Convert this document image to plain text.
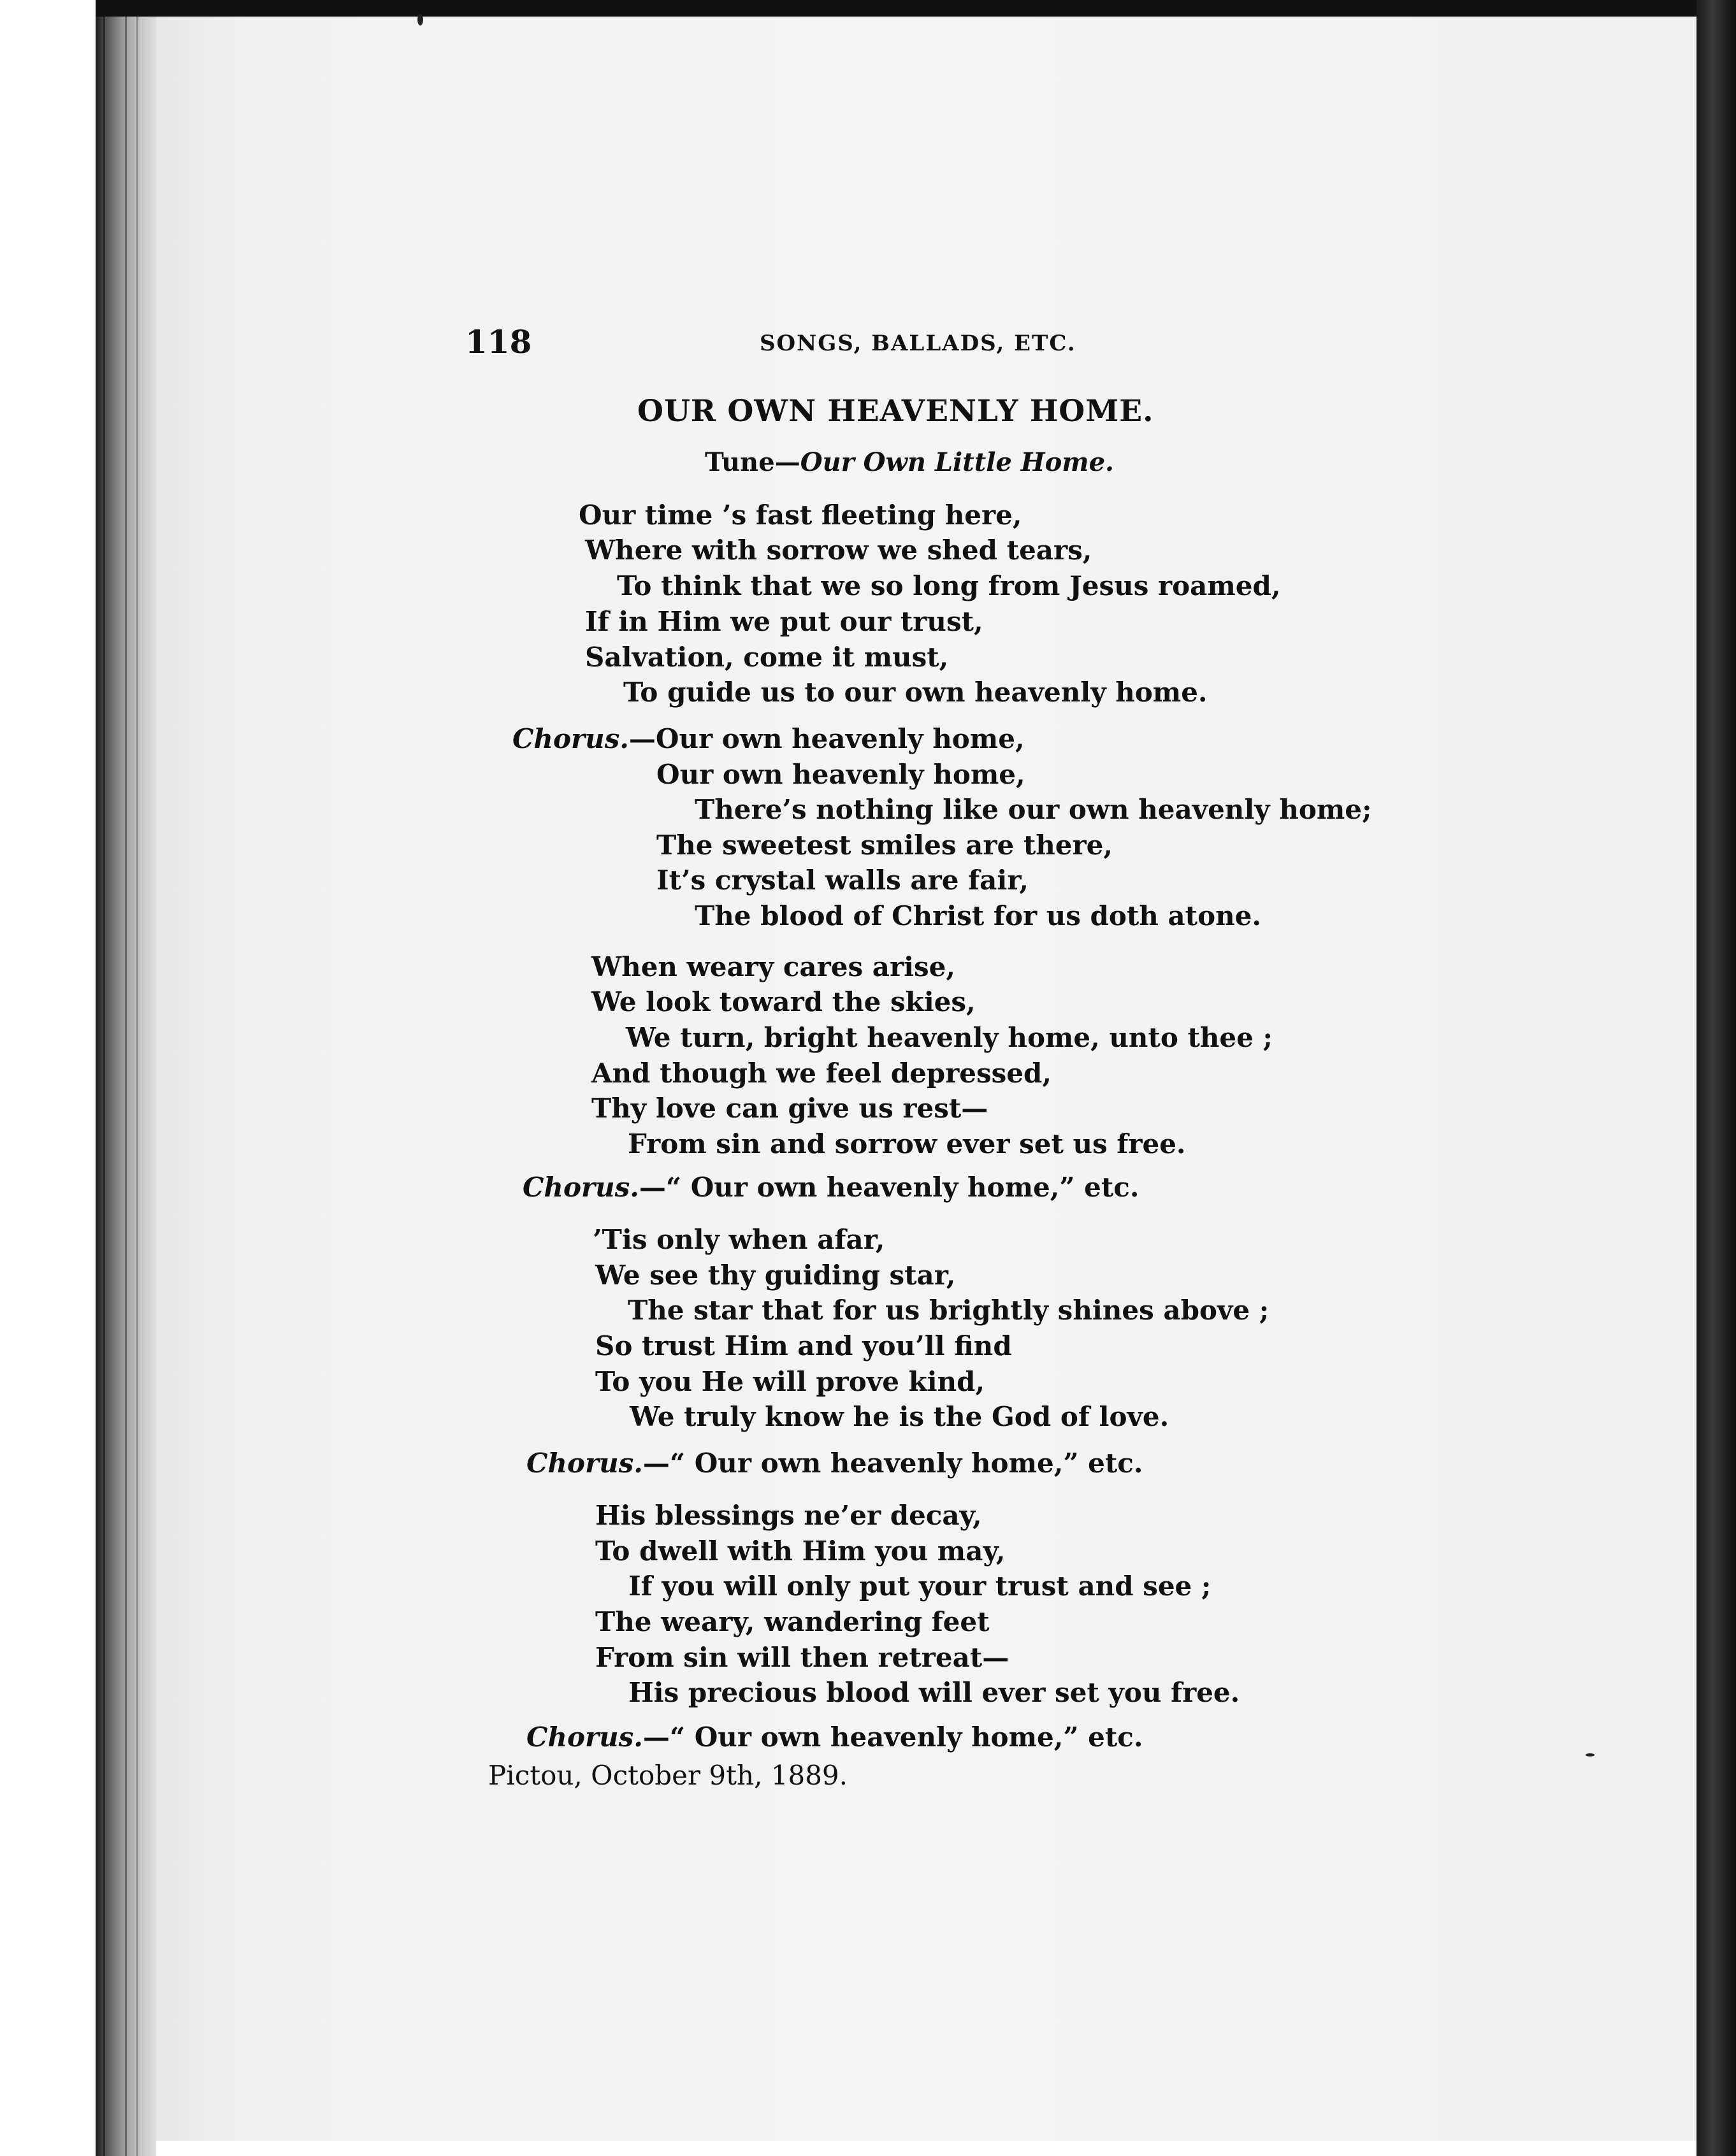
118	SONGS, BALLADS, ETC.
OUR OWN HEAVENLY HOME.
Tune—Our Own Little Home.
Our time ’s fast fleeting here,
Where with sorrow we shed tears,
To think that we so long from Jesus roamed,
If in Him we put our trust,
Salvation, come it must,
To guide us to our own heavenly home.
Chorus.—Our own heavenly home,
Our own heavenly home,
There’s nothing like our own heavenly home;
The sweetest smiles are there,
It’s crystal walls are fair,
The blood of Christ for us doth atone.
When weary cares arise,
We look toward the skies,
We turn, bright heavenly home, unto thee ;
And though we feel depressed,
Thy love can give us rest—
From sin and sorrow ever set us free.
Chorus.—“ Our own heavenly home,” etc.
’Tis only when afar,
We see thy guiding star,
The star that for us brightly shines above ;
So trust Him and you’ll find
To you He will prove kind,
We truly know he is the God of love.
Chorus.—“ Our own heavenly home,” etc.
His blessings ne’er decay,
To dwell with Him you may,
If you will only put your trust and see ;
The weary, wandering feet
From sin will then retreat—
His precious blood will ever set you free.
Chorus.—“ Our own heavenly home,” etc.
Pictou, October 9th, 1889.
